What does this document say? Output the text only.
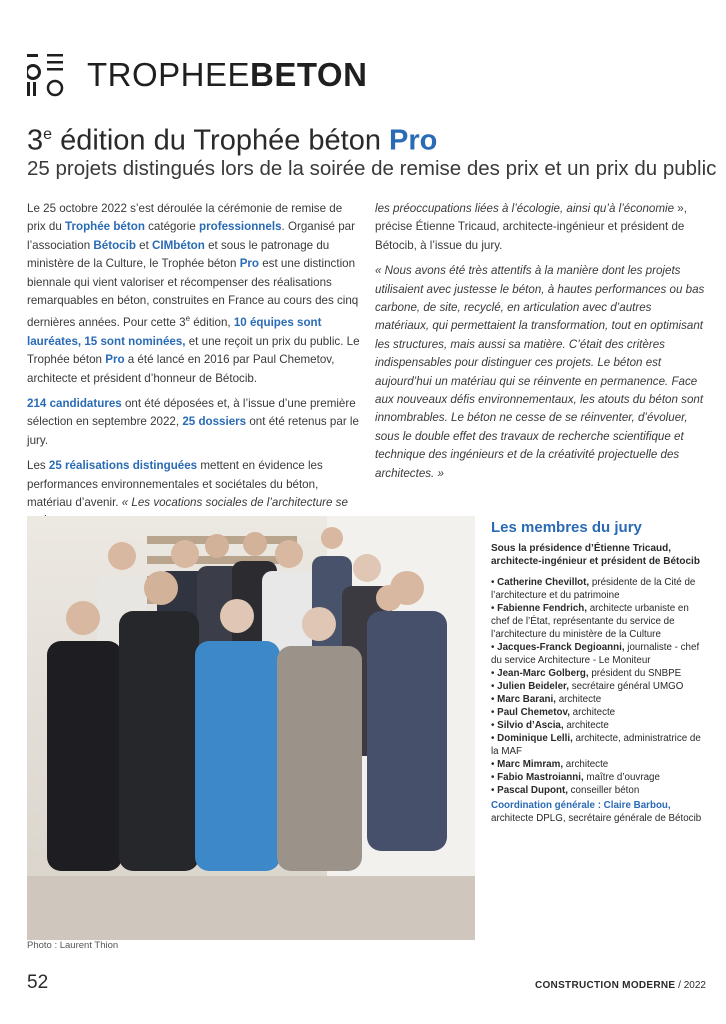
TROPHEEBETON
3e édition du Trophée béton Pro
25 projets distingués lors de la soirée de remise des prix et un prix du public

Le 25 octobre 2022 s’est déroulée la cérémonie de remise de prix du Trophée béton catégorie professionnels. Organisé par l’association Bétocib et CIMbéton et sous le patronage du ministère de la Culture, le Trophée béton Pro est une distinction biennale qui vient valoriser et récompenser des réalisations remarquables en béton, construites en France au cours des cinq dernières années. Pour cette 3e édition, 10 équipes sont lauréates, 15 sont nominées, et une reçoit un prix du public. Le Trophée béton Pro a été lancé en 2016 par Paul Chemetov, architecte et président d’honneur de Bétocib.

214 candidatures ont été déposées et, à l’issue d’une première sélection en septembre 2022, 25 dossiers ont été retenus par le jury.

Les 25 réalisations distinguées mettent en évidence les performances environnementales et sociétales du béton, matériau d’avenir. « Les vocations sociales de l’architecture se

les préoccupations liées à l’écologie, ainsi qu’à l’économie », précise Étienne Tricaud, architecte-ingénieur et président de Bétocib, à l’issue du jury.

« Nous avons été très attentifs à la manière dont les projets utilisaient avec justesse le béton, à hautes performances ou bas carbone, de site, recyclé, en articulation avec d’autres matériaux, qui permettaient la transformation, tout en optimisant les structures, mais aussi sa matière. C’était des critères indispensables pour distinguer ces projets. Le béton est aujourd’hui un matériau qui se réinvente en permanence. Face aux nouveaux défis environnementaux, les atouts du béton sont innombrables. Le béton ne cesse de se réinventer, d’évoluer, sous le double effet des travaux de recherche scientifique et technique des ingénieurs et de la créativité projectuelle des architectes. »

Photo : Laurent Thion
Les membres du jury
Sous la présidence d’Étienne Tricaud, architecte-ingénieur et président de Bétocib
• Catherine Chevillot, présidente de la Cité de l’architecture et du patrimoine
• Fabienne Fendrich, architecte urbaniste en chef de l’État, représentante du service de l’architecture du ministère de la Culture
• Jacques-Franck Degioanni, journaliste - chef du service Architecture - Le Moniteur
• Jean-Marc Golberg, président du SNBPE
• Julien Beideler, secrétaire général UMGO
• Marc Barani, architecte
• Paul Chemetov, architecte
• Silvio d’Ascia, architecte
• Dominique Lelli, architecte, administratrice de la MAF
• Marc Mimram, architecte
• Fabio Mastroianni, maître d’ouvrage
• Pascal Dupont, conseiller béton
Coordination générale : Claire Barbou, architecte DPLG, secrétaire générale de Bétocib
52	CONSTRUCTION MODERNE / 2022
